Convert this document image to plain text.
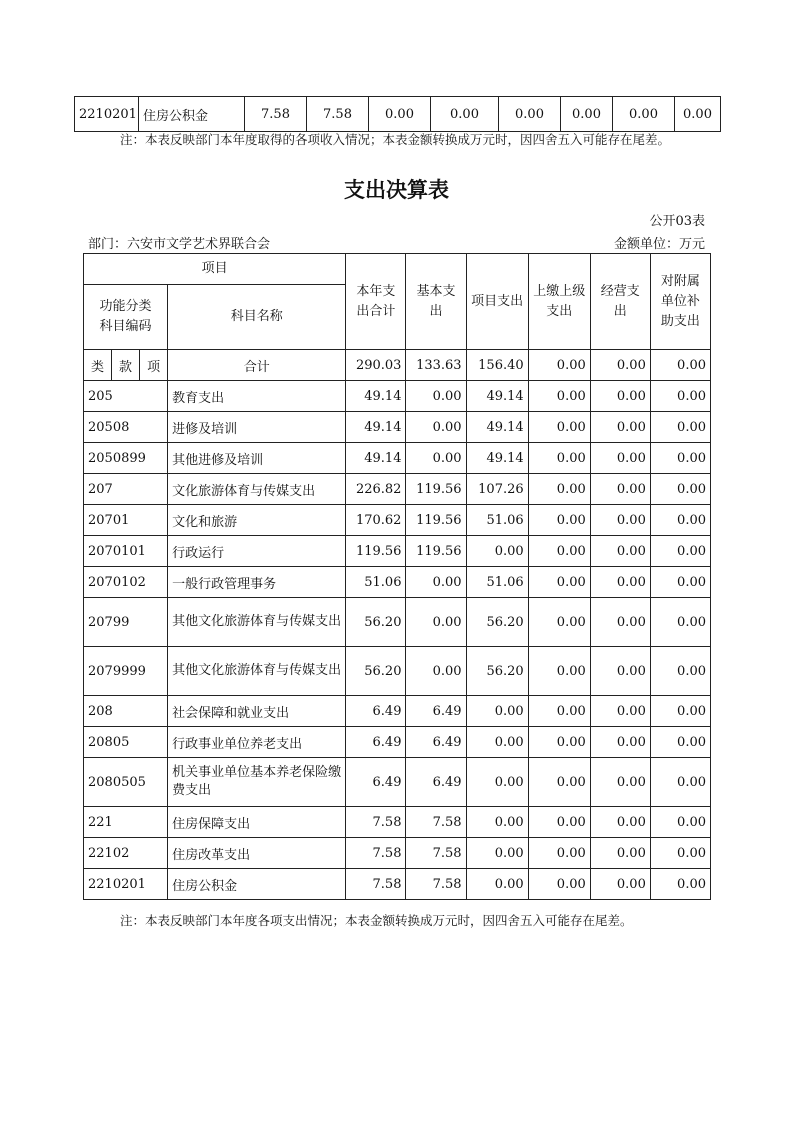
2210201	住房公积金	7.58	7.58	0.00	0.00	0.00	0.00	0.00	0.00
注：本表反映部门本年度取得的各项收入情况；本表金额转换成万元时，因四舍五入可能存在尾差。
支出决算表
公开03表
部门：六安市文学艺术界联合会	金额单位：万元
项目				本年支出合计	基本支出	项目支出	上缴上级支出	经营支出	对附属单位补助支出
功能分类科目编码			科目名称						
类	款	项	合计	290.03	133.63	156.40	0.00	0.00	0.00
205			教育支出	49.14	0.00	49.14	0.00	0.00	0.00
20508			进修及培训	49.14	0.00	49.14	0.00	0.00	0.00
2050899			其他进修及培训	49.14	0.00	49.14	0.00	0.00	0.00
207			文化旅游体育与传媒支出	226.82	119.56	107.26	0.00	0.00	0.00
20701			文化和旅游	170.62	119.56	51.06	0.00	0.00	0.00
2070101			行政运行	119.56	119.56	0.00	0.00	0.00	0.00
2070102			一般行政管理事务	51.06	0.00	51.06	0.00	0.00	0.00
20799			其他文化旅游体育与传媒支出	56.20	0.00	56.20	0.00	0.00	0.00
2079999			其他文化旅游体育与传媒支出	56.20	0.00	56.20	0.00	0.00	0.00
208			社会保障和就业支出	6.49	6.49	0.00	0.00	0.00	0.00
20805			行政事业单位养老支出	6.49	6.49	0.00	0.00	0.00	0.00
2080505			机关事业单位基本养老保险缴费支出	6.49	6.49	0.00	0.00	0.00	0.00
221			住房保障支出	7.58	7.58	0.00	0.00	0.00	0.00
22102			住房改革支出	7.58	7.58	0.00	0.00	0.00	0.00
2210201			住房公积金	7.58	7.58	0.00	0.00	0.00	0.00
注：本表反映部门本年度各项支出情况；本表金额转换成万元时，因四舍五入可能存在尾差。
